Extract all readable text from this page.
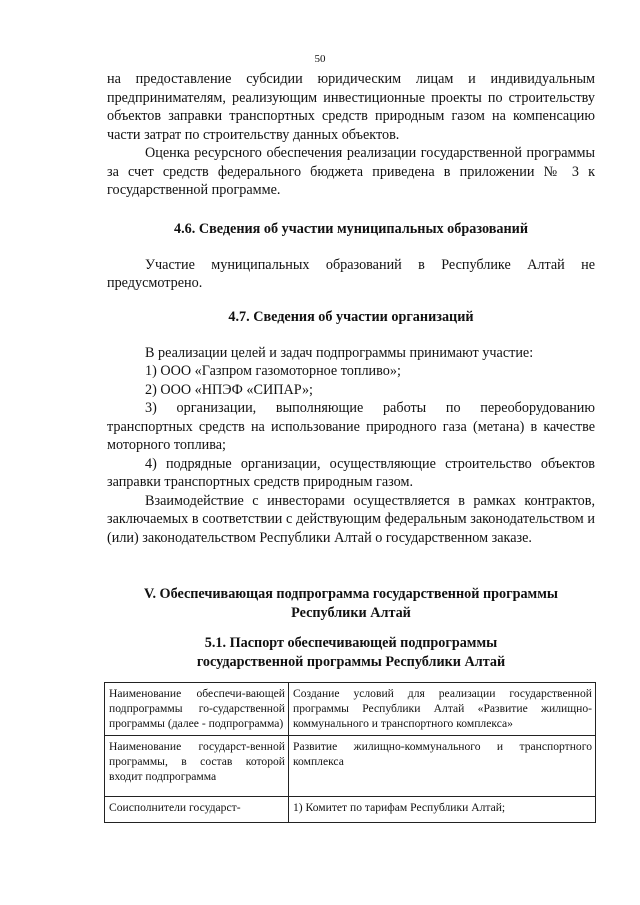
50

на предоставление субсидии юридическим лицам и индивидуальным предпринимателям, реализующим инвестиционные проекты по строительству объектов заправки транспортных средств природным газом на компенсацию части затрат по строительству данных объектов.

Оценка ресурсного обеспечения реализации государственной программы за счет средств федерального бюджета приведена в приложении № 3 к государственной программе.

4.6. Сведения об участии муниципальных образований

Участие муниципальных образований в Республике Алтай не предусмотрено.

4.7. Сведения об участии организаций

В реализации целей и задач подпрограммы принимают участие:

1) ООО «Газпром газомоторное топливо»;

2) ООО «НПЭФ «СИПАР»;

3) организации, выполняющие работы по переоборудованию транспортных средств на использование природного газа (метана) в качестве моторного топлива;

4) подрядные организации, осуществляющие строительство объектов заправки транспортных средств природным газом.

Взаимодействие с инвесторами осуществляется в рамках контрактов, заключаемых в соответствии с действующим федеральным законодательством и (или) законодательством Республики Алтай о государственном заказе.

V. Обеспечивающая подпрограмма государственной программы

Республики Алтай

5.1. Паспорт обеспечивающей подпрограммы

государственной программы Республики Алтай

Наименование обеспечи-вающей подпрограммы го-сударственной программы (далее - подпрограмма)	Создание условий для реализации государственной программы Республики Алтай «Развитие жилищно-коммунального и транспортного комплекса»
Наименование государст-венной программы, в состав которой входит подпрограмма	Развитие жилищно-коммунального и транспортного комплекса
Соисполнители государст-	1) Комитет по тарифам Республики Алтай;
